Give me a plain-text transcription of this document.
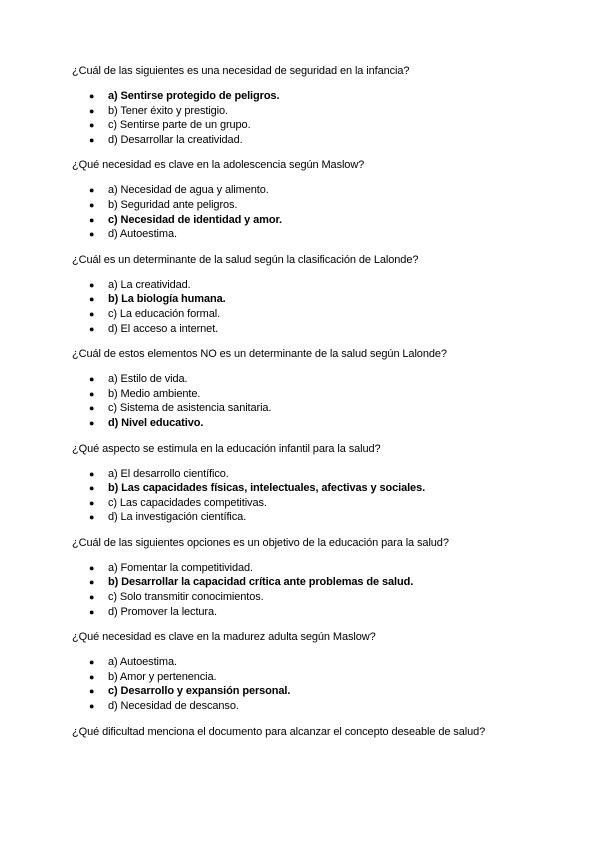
¿Cuál de las siguientes es una necesidad de seguridad en la infancia?
● a) Sentirse protegido de peligros.
● b) Tener éxito y prestigio.
● c) Sentirse parte de un grupo.
● d) Desarrollar la creatividad.
¿Qué necesidad es clave en la adolescencia según Maslow?
● a) Necesidad de agua y alimento.
● b) Seguridad ante peligros.
● c) Necesidad de identidad y amor.
● d) Autoestima.
¿Cuál es un determinante de la salud según la clasificación de Lalonde?
● a) La creatividad.
● b) La biología humana.
● c) La educación formal.
● d) El acceso a internet.
¿Cuál de estos elementos NO es un determinante de la salud según Lalonde?
● a) Estilo de vida.
● b) Medio ambiente.
● c) Sistema de asistencia sanitaria.
● d) Nivel educativo.
¿Qué aspecto se estimula en la educación infantil para la salud?
● a) El desarrollo científico.
● b) Las capacidades físicas, intelectuales, afectivas y sociales.
● c) Las capacidades competitivas.
● d) La investigación científica.
¿Cuál de las siguientes opciones es un objetivo de la educación para la salud?
● a) Fomentar la competitividad.
● b) Desarrollar la capacidad crítica ante problemas de salud.
● c) Solo transmitir conocimientos.
● d) Promover la lectura.
¿Qué necesidad es clave en la madurez adulta según Maslow?
● a) Autoestima.
● b) Amor y pertenencia.
● c) Desarrollo y expansión personal.
● d) Necesidad de descanso.
¿Qué dificultad menciona el documento para alcanzar el concepto deseable de salud?
